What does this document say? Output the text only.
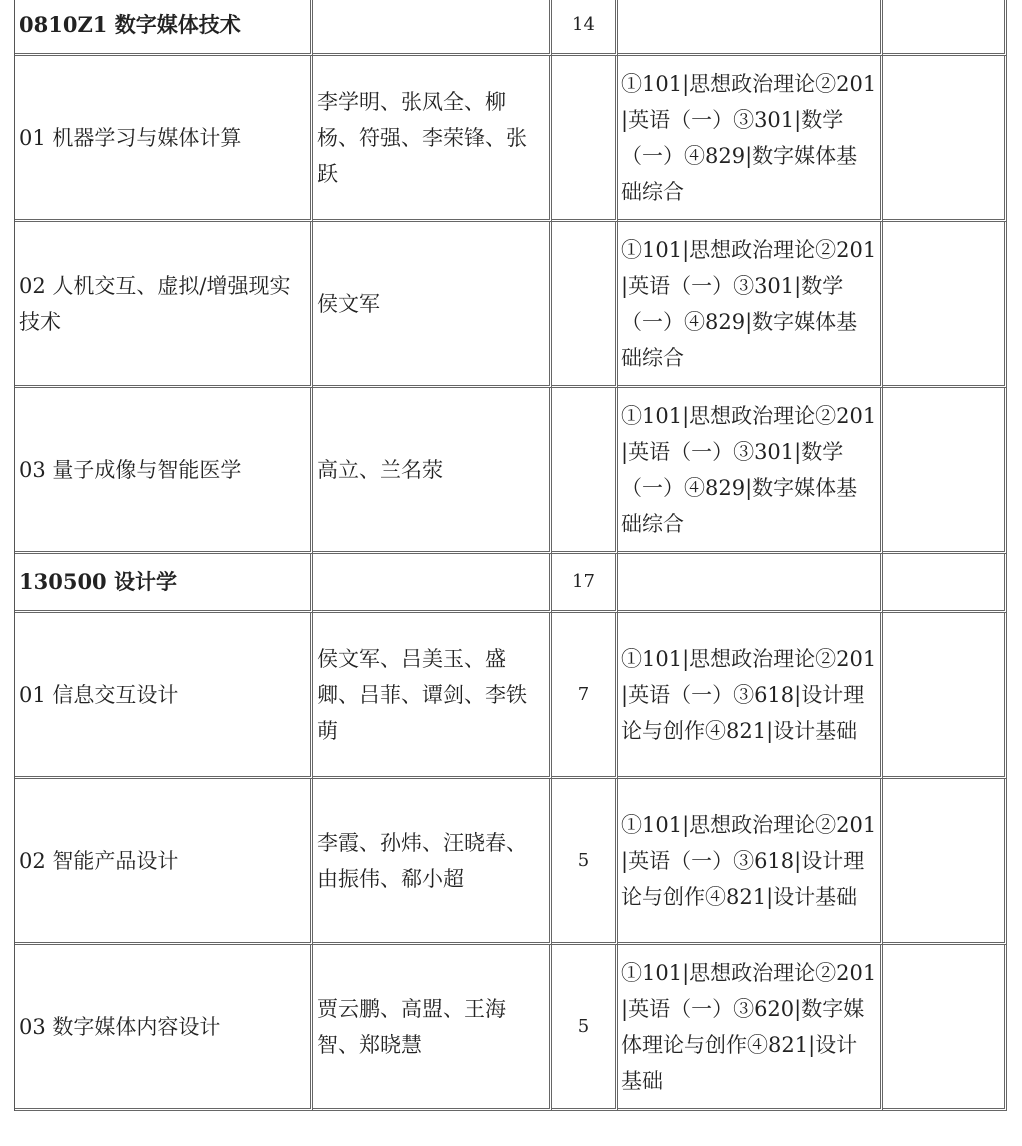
0810Z1 数字媒体技术		14		
01 机器学习与媒体计算	李学明、张凤全、柳杨、符强、李荣锋、张跃		①101|思想政治理论②201|英语（一）③301|数学（一）④829|数字媒体基础综合	
02 人机交互、虚拟/增强现实技术	侯文军		①101|思想政治理论②201|英语（一）③301|数学（一）④829|数字媒体基础综合	
03 量子成像与智能医学	高立、兰名荥		①101|思想政治理论②201|英语（一）③301|数学（一）④829|数字媒体基础综合	
130500 设计学		17		
01 信息交互设计	侯文军、吕美玉、盛卿、吕菲、谭剑、李铁萌	7	①101|思想政治理论②201|英语（一）③618|设计理论与创作④821|设计基础	
02 智能产品设计	李霞、孙炜、汪晓春、由振伟、郗小超	5	①101|思想政治理论②201|英语（一）③618|设计理论与创作④821|设计基础	
03 数字媒体内容设计	贾云鹏、高盟、王海智、郑晓慧	5	①101|思想政治理论②201|英语（一）③620|数字媒体理论与创作④821|设计基础	
